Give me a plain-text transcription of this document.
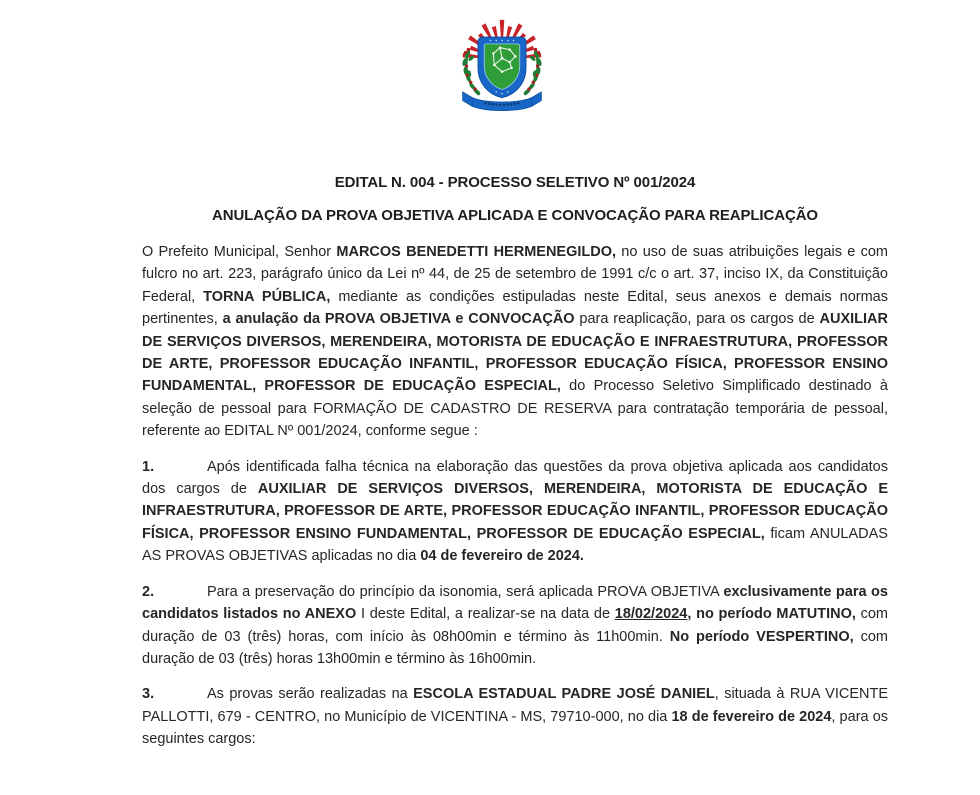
EDITAL N. 004 - PROCESSO SELETIVO Nº 001/2024
ANULAÇÃO DA PROVA OBJETIVA APLICADA E CONVOCAÇÃO PARA REAPLICAÇÃO

O Prefeito Municipal, Senhor MARCOS BENEDETTI HERMENEGILDO, no uso de suas atribuições legais e com fulcro no art. 223, parágrafo único da Lei nº 44, de 25 de setembro de 1991 c/c o art. 37, inciso IX, da Constituição Federal, TORNA PÚBLICA, mediante as condições estipuladas neste Edital, seus anexos e demais normas pertinentes, a anulação da PROVA OBJETIVA e CONVOCAÇÃO para reaplicação, para os cargos de AUXILIAR DE SERVIÇOS DIVERSOS, MERENDEIRA, MOTORISTA DE EDUCAÇÃO E INFRAESTRUTURA, PROFESSOR DE ARTE, PROFESSOR EDUCAÇÃO INFANTIL, PROFESSOR EDUCAÇÃO FÍSICA, PROFESSOR ENSINO FUNDAMENTAL, PROFESSOR DE EDUCAÇÃO ESPECIAL, do Processo Seletivo Simplificado destinado à seleção de pessoal para FORMAÇÃO DE CADASTRO DE RESERVA para contratação temporária de pessoal, referente ao EDITAL Nº 001/2024, conforme segue :

1.	Após identificada falha técnica na elaboração das questões da prova objetiva aplicada aos candidatos dos cargos de AUXILIAR DE SERVIÇOS DIVERSOS, MERENDEIRA, MOTORISTA DE EDUCAÇÃO E INFRAESTRUTURA, PROFESSOR DE ARTE, PROFESSOR EDUCAÇÃO INFANTIL, PROFESSOR EDUCAÇÃO FÍSICA, PROFESSOR ENSINO FUNDAMENTAL, PROFESSOR DE EDUCAÇÃO ESPECIAL, ficam ANULADAS AS PROVAS OBJETIVAS aplicadas no dia 04 de fevereiro de 2024.

2.	Para a preservação do princípio da isonomia, será aplicada PROVA OBJETIVA exclusivamente para os candidatos listados no ANEXO I deste Edital, a realizar-se na data de 18/02/2024, no período MATUTINO, com duração de 03 (três) horas, com início às 08h00min e término às 11h00min. No período VESPERTINO, com duração de 03 (três) horas 13h00min e término às 16h00min.

3.	As provas serão realizadas na ESCOLA ESTADUAL PADRE JOSÉ DANIEL, situada à RUA VICENTE PALLOTTI, 679 - CENTRO, no Município de VICENTINA - MS, 79710-000, no dia 18 de fevereiro de 2024, para os seguintes cargos:
